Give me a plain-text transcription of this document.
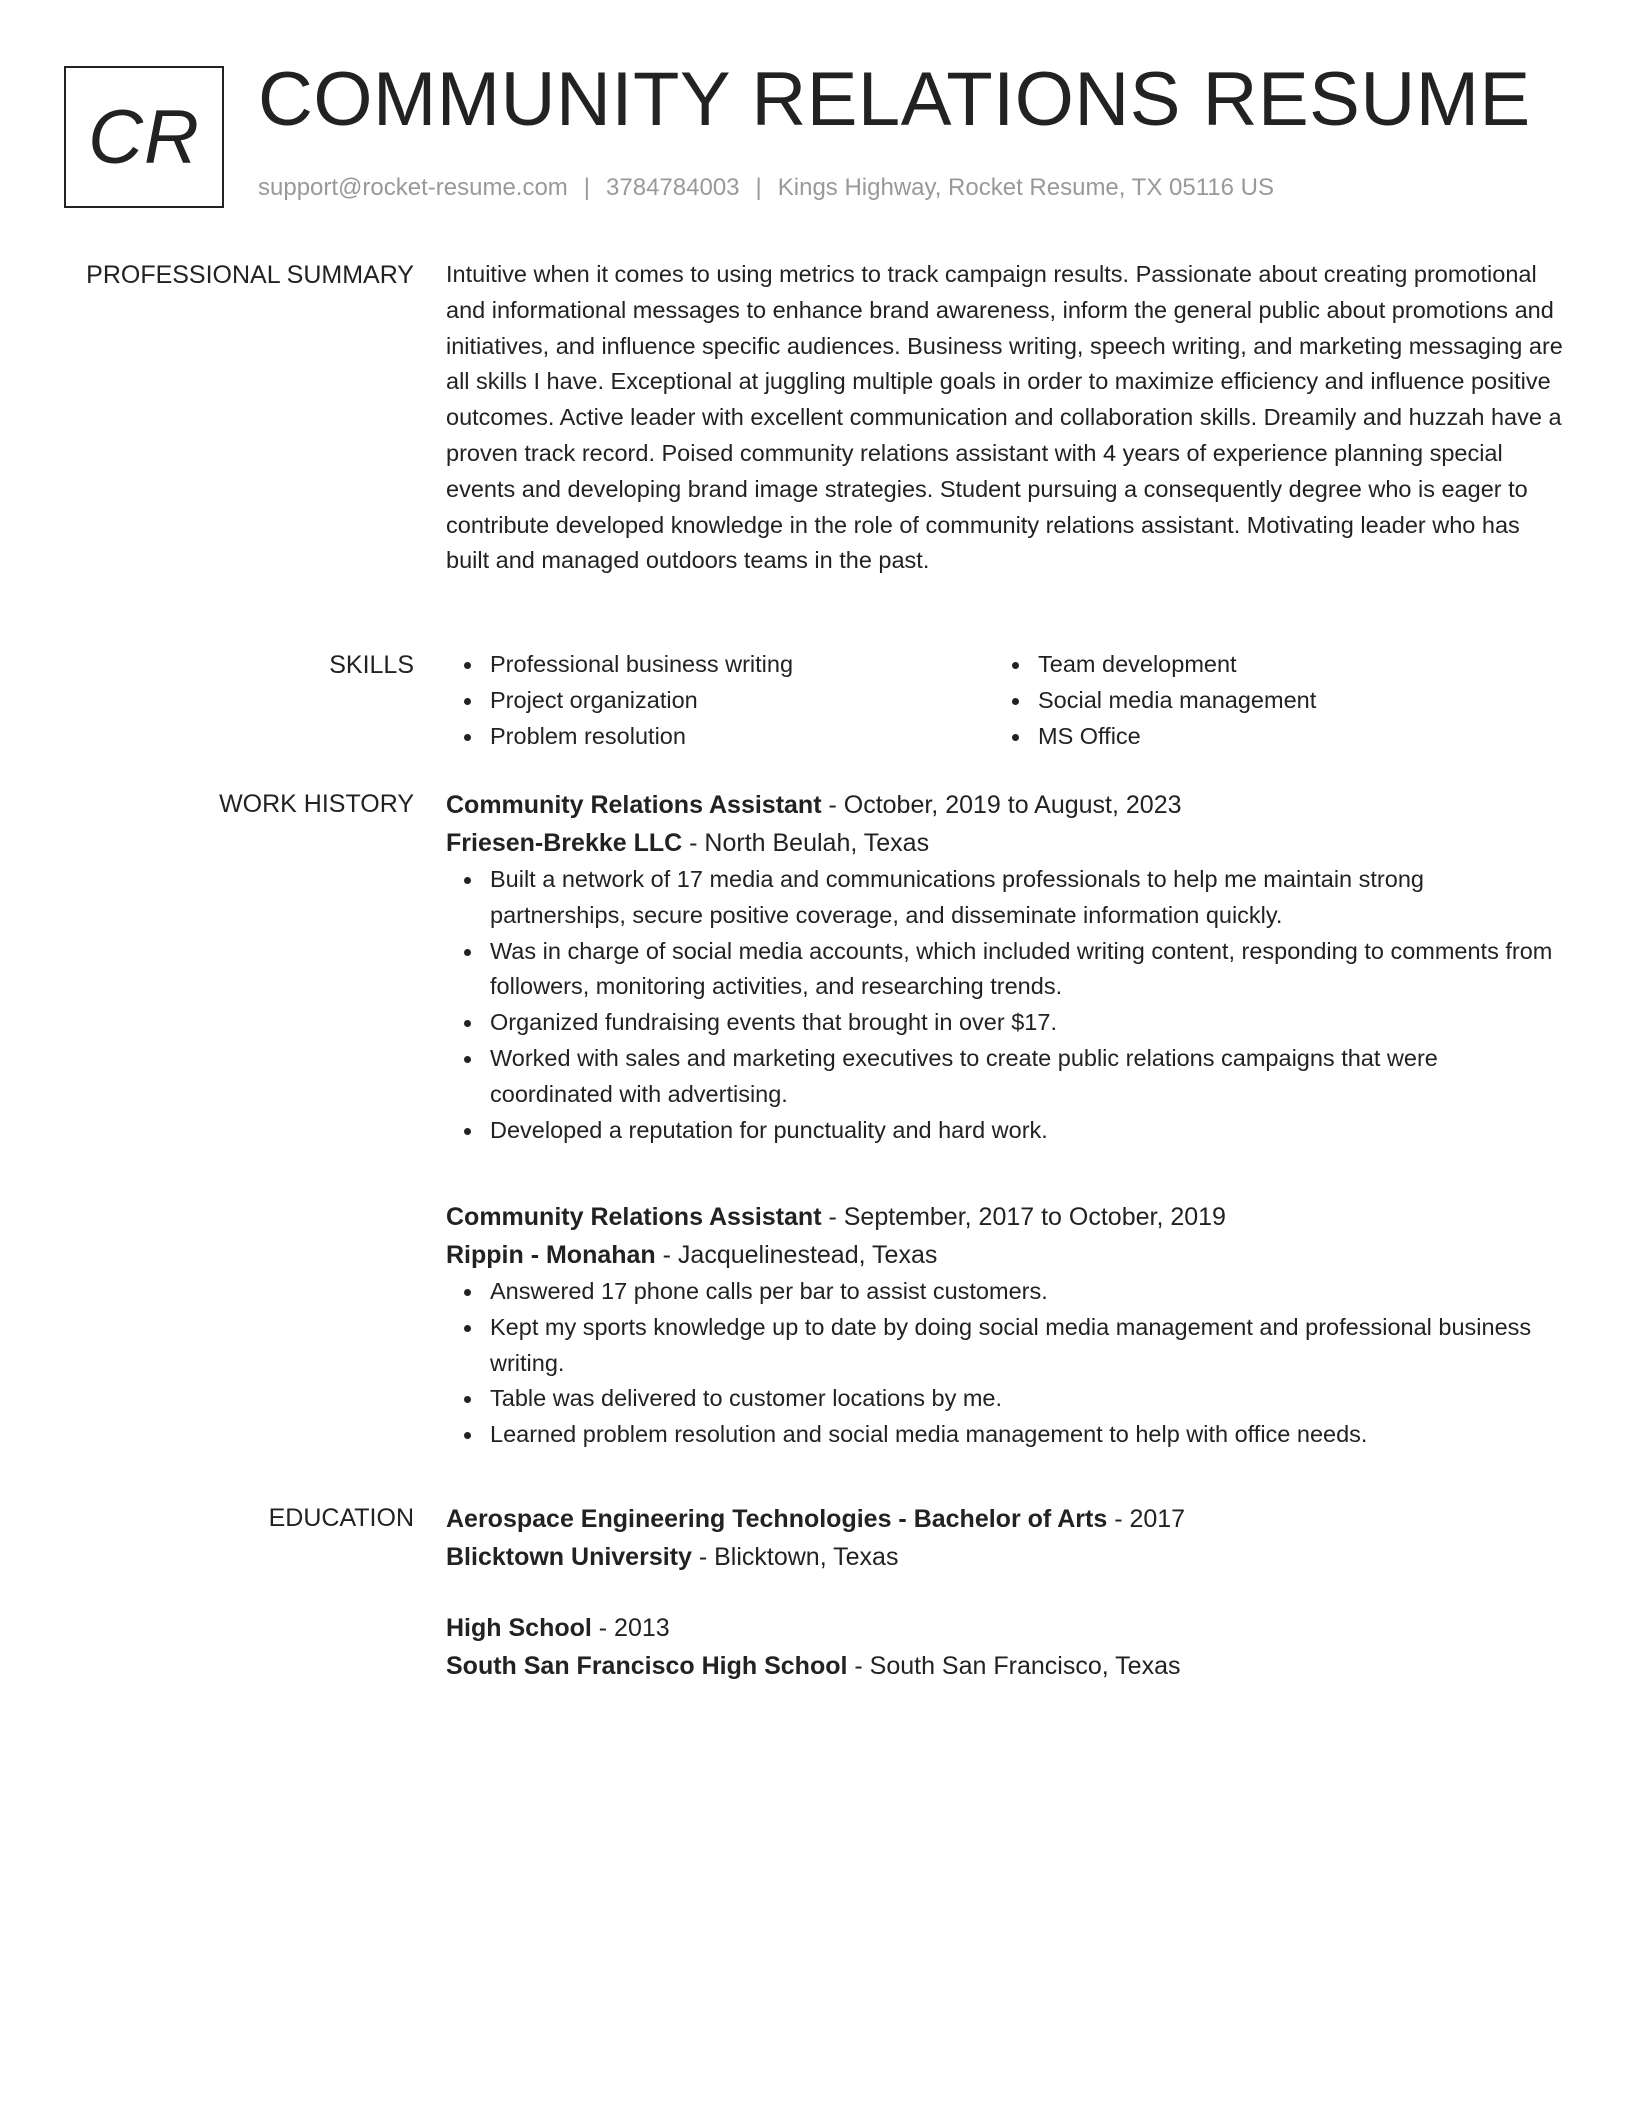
CR COMMUNITY RELATIONS RESUME
support@rocket-resume.com | 3784784003 | Kings Highway, Rocket Resume, TX 05116 US
PROFESSIONAL SUMMARY Intuitive when it comes to using metrics to track campaign results. Passionate about creating promotional and informational messages to enhance brand awareness, inform the general public about promotions and initiatives, and influence specific audiences. Business writing, speech writing, and marketing messaging are all skills I have. Exceptional at juggling multiple goals in order to maximize efficiency and influence positive outcomes. Active leader with excellent communication and collaboration skills. Dreamily and huzzah have a proven track record. Poised community relations assistant with 4 years of experience planning special events and developing brand image strategies. Student pursuing a consequently degree who is eager to contribute developed knowledge in the role of community relations assistant. Motivating leader who has built and managed outdoors teams in the past.

SKILLS	Professional business writing
Project organization
Problem resolution
Team development
Social media management
MS Office
WORK HISTORY Community Relations Assistant - October, 2019 to August, 2023
Friesen-Brekke LLC - North Beulah, Texas
Built a network of 17 media and communications professionals to help me maintain strong partnerships, secure positive coverage, and disseminate information quickly.
Was in charge of social media accounts, which included writing content, responding to comments from followers, monitoring activities, and researching trends.
Organized fundraising events that brought in over $17.
Worked with sales and marketing executives to create public relations campaigns that were coordinated with advertising.
Developed a reputation for punctuality and hard work.
Community Relations Assistant - September, 2017 to October, 2019
Rippin - Monahan - Jacquelinestead, Texas
Answered 17 phone calls per bar to assist customers.
Kept my sports knowledge up to date by doing social media management and professional business writing.
Table was delivered to customer locations by me.
Learned problem resolution and social media management to help with office needs.
EDUCATION Aerospace Engineering Technologies - Bachelor of Arts - 2017
Blicktown University - Blicktown, Texas
High School - 2013
South San Francisco High School - South San Francisco, Texas
